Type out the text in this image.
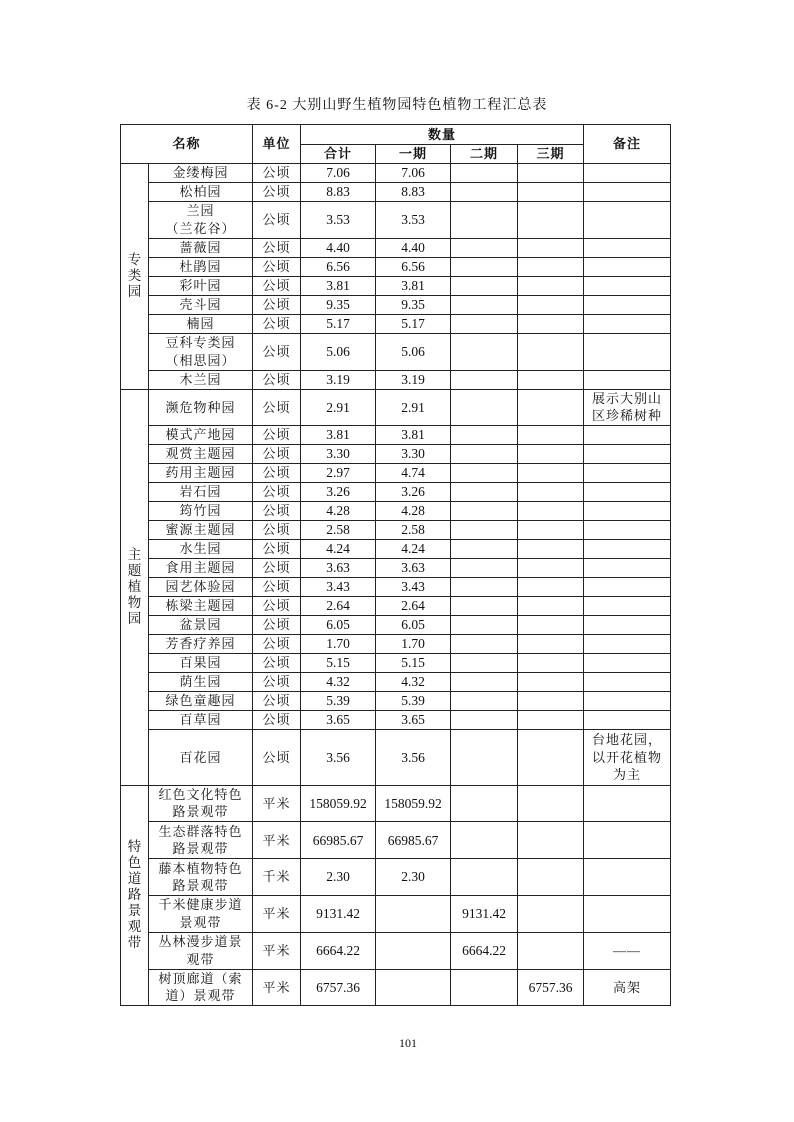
表 6-2 大别山野生植物园特色植物工程汇总表
名称		单位	数量				备注
			合计	一期	二期	三期	

专类园	金缕梅园	公顷	7.06	7.06			
	松柏园	公顷	8.83	8.83			
	兰园
（兰花谷）	公顷	3.53	3.53			
	蔷薇园	公顷	4.40	4.40			
	杜鹃园	公顷	6.56	6.56			
	彩叶园	公顷	3.81	3.81			
	壳斗园	公顷	9.35	9.35			
	楠园	公顷	5.17	5.17			
	豆科专类园
（相思园）	公顷	5.06	5.06			
	木兰园	公顷	3.19	3.19			

主题植物园	濒危物种园	公顷	2.91	2.91			展示大别山
区珍稀树种
	模式产地园	公顷	3.81	3.81			
	观赏主题园	公顷	3.30	3.30			
	药用主题园	公顷	2.97	4.74			
	岩石园	公顷	3.26	3.26			
	筠竹园	公顷	4.28	4.28			
	蜜源主题园	公顷	2.58	2.58			
	水生园	公顷	4.24	4.24			
	食用主题园	公顷	3.63	3.63			
	园艺体验园	公顷	3.43	3.43			
	栋梁主题园	公顷	2.64	2.64			
	盆景园	公顷	6.05	6.05			
	芳香疗养园	公顷	1.70	1.70			
	百果园	公顷	5.15	5.15			
	荫生园	公顷	4.32	4.32			
	绿色童趣园	公顷	5.39	5.39			
	百草园	公顷	3.65	3.65			
	百花园	公顷	3.56	3.56			台地花园，
以开花植物
为主

特色道路景观带	红色文化特色
路景观带	平米	158059.92	158059.92			
	生态群落特色
路景观带	平米	66985.67	66985.67			
	藤本植物特色
路景观带	千米	2.30	2.30			
	千米健康步道
景观带	平米	9131.42		9131.42		
	丛林漫步道景
观带	平米	6664.22		6664.22		——
	树顶廊道（索
道）景观带	平米	6757.36			6757.36	高架
101
